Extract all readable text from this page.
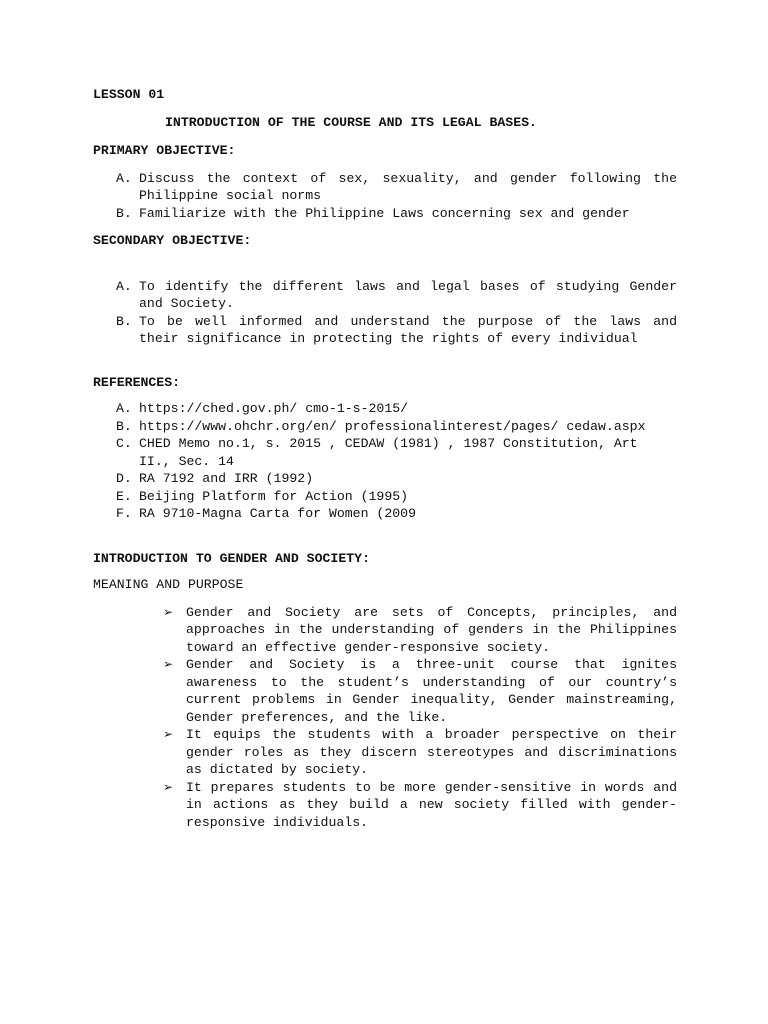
LESSON 01
INTRODUCTION OF THE COURSE AND ITS LEGAL BASES.
PRIMARY OBJECTIVE:
A. Discuss the context of sex, sexuality, and gender following the Philippine social norms
B. Familiarize with the Philippine Laws concerning sex and gender
SECONDARY OBJECTIVE:
A. To identify the different laws and legal bases of studying Gender and Society.
B. To be well informed and understand the purpose of the laws and their significance in protecting the rights of every individual
REFERENCES:
A. https://ched.gov.ph/ cmo-1-s-2015/
B. https://www.ohchr.org/en/ professionalinterest/pages/ cedaw.aspx
C. CHED Memo no.1, s. 2015 , CEDAW (1981) , 1987 Constitution, Art II., Sec. 14
D. RA 7192 and IRR (1992)
E. Beijing Platform for Action (1995)
F. RA 9710-Magna Carta for Women (2009
INTRODUCTION TO GENDER AND SOCIETY:
MEANING AND PURPOSE
➢ Gender and Society are sets of Concepts, principles, and approaches in the understanding of genders in the Philippines toward an effective gender-responsive society.
➢ Gender and Society is a three-unit course that ignites awareness to the student’s understanding of our country’s current problems in Gender inequality, Gender mainstreaming, Gender preferences, and the like.
➢ It equips the students with a broader perspective on their gender roles as they discern stereotypes and discriminations as dictated by society.
➢ It prepares students to be more gender-sensitive in words and in actions as they build a new society filled with gender-responsive individuals.
